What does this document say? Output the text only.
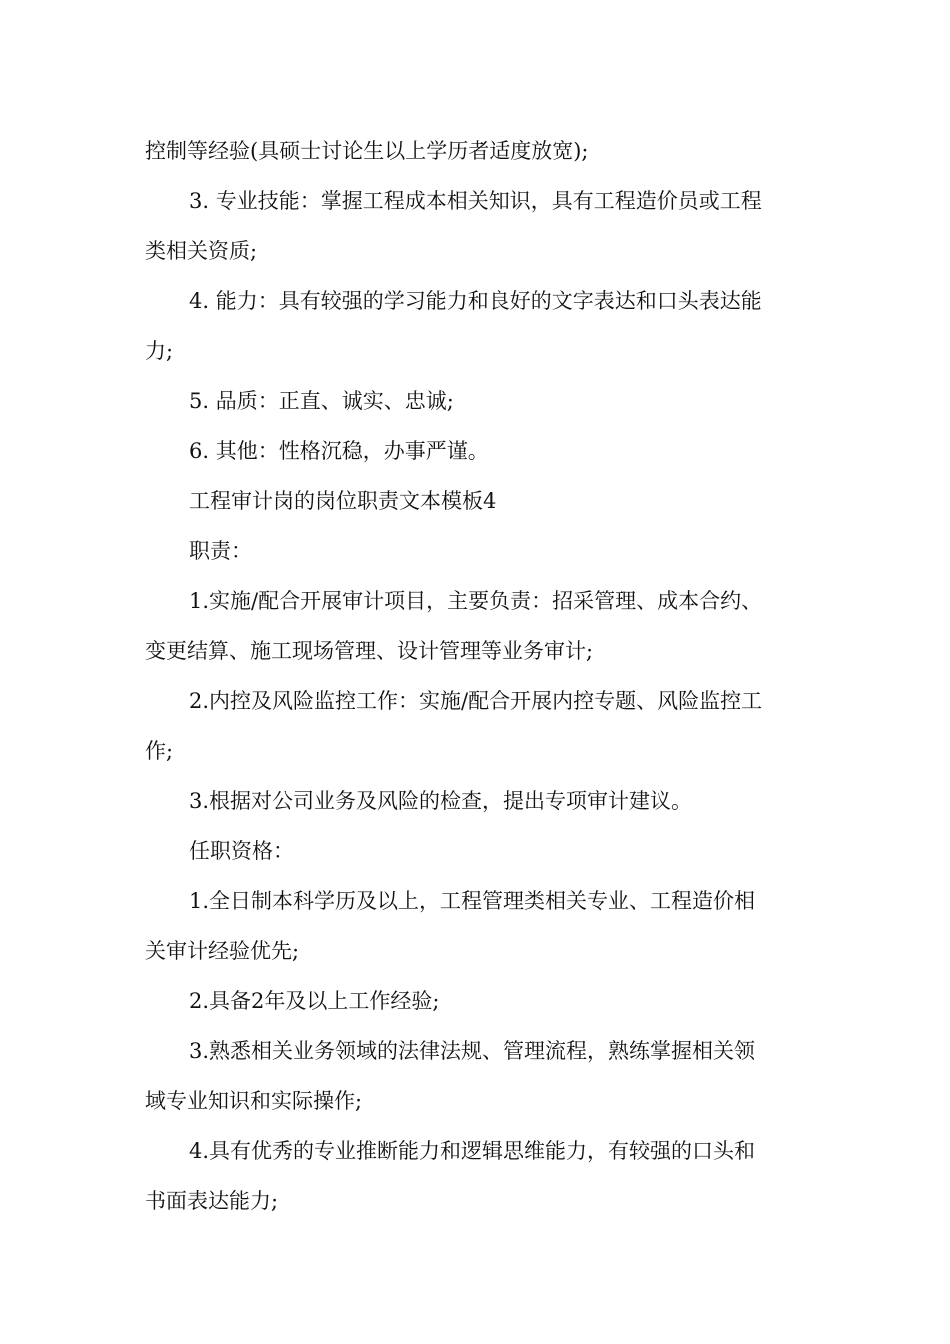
控制等经验(具硕士讨论生以上学历者适度放宽);

3. 专业技能：掌握工程成本相关知识，具有工程造价员或工程

类相关资质;

4. 能力：具有较强的学习能力和良好的文字表达和口头表达能

力;

5. 品质：正直、诚实、忠诚;

6. 其他：性格沉稳，办事严谨。

工程审计岗的岗位职责文本模板4

职责：

1.实施/配合开展审计项目，主要负责：招采管理、成本合约、

变更结算、施工现场管理、设计管理等业务审计;

2.内控及风险监控工作：实施/配合开展内控专题、风险监控工

作;

3.根据对公司业务及风险的检查，提出专项审计建议。

任职资格：

1.全日制本科学历及以上，工程管理类相关专业、工程造价相

关审计经验优先;

2.具备2年及以上工作经验;

3.熟悉相关业务领域的法律法规、管理流程，熟练掌握相关领

域专业知识和实际操作;

4.具有优秀的专业推断能力和逻辑思维能力，有较强的口头和

书面表达能力;
